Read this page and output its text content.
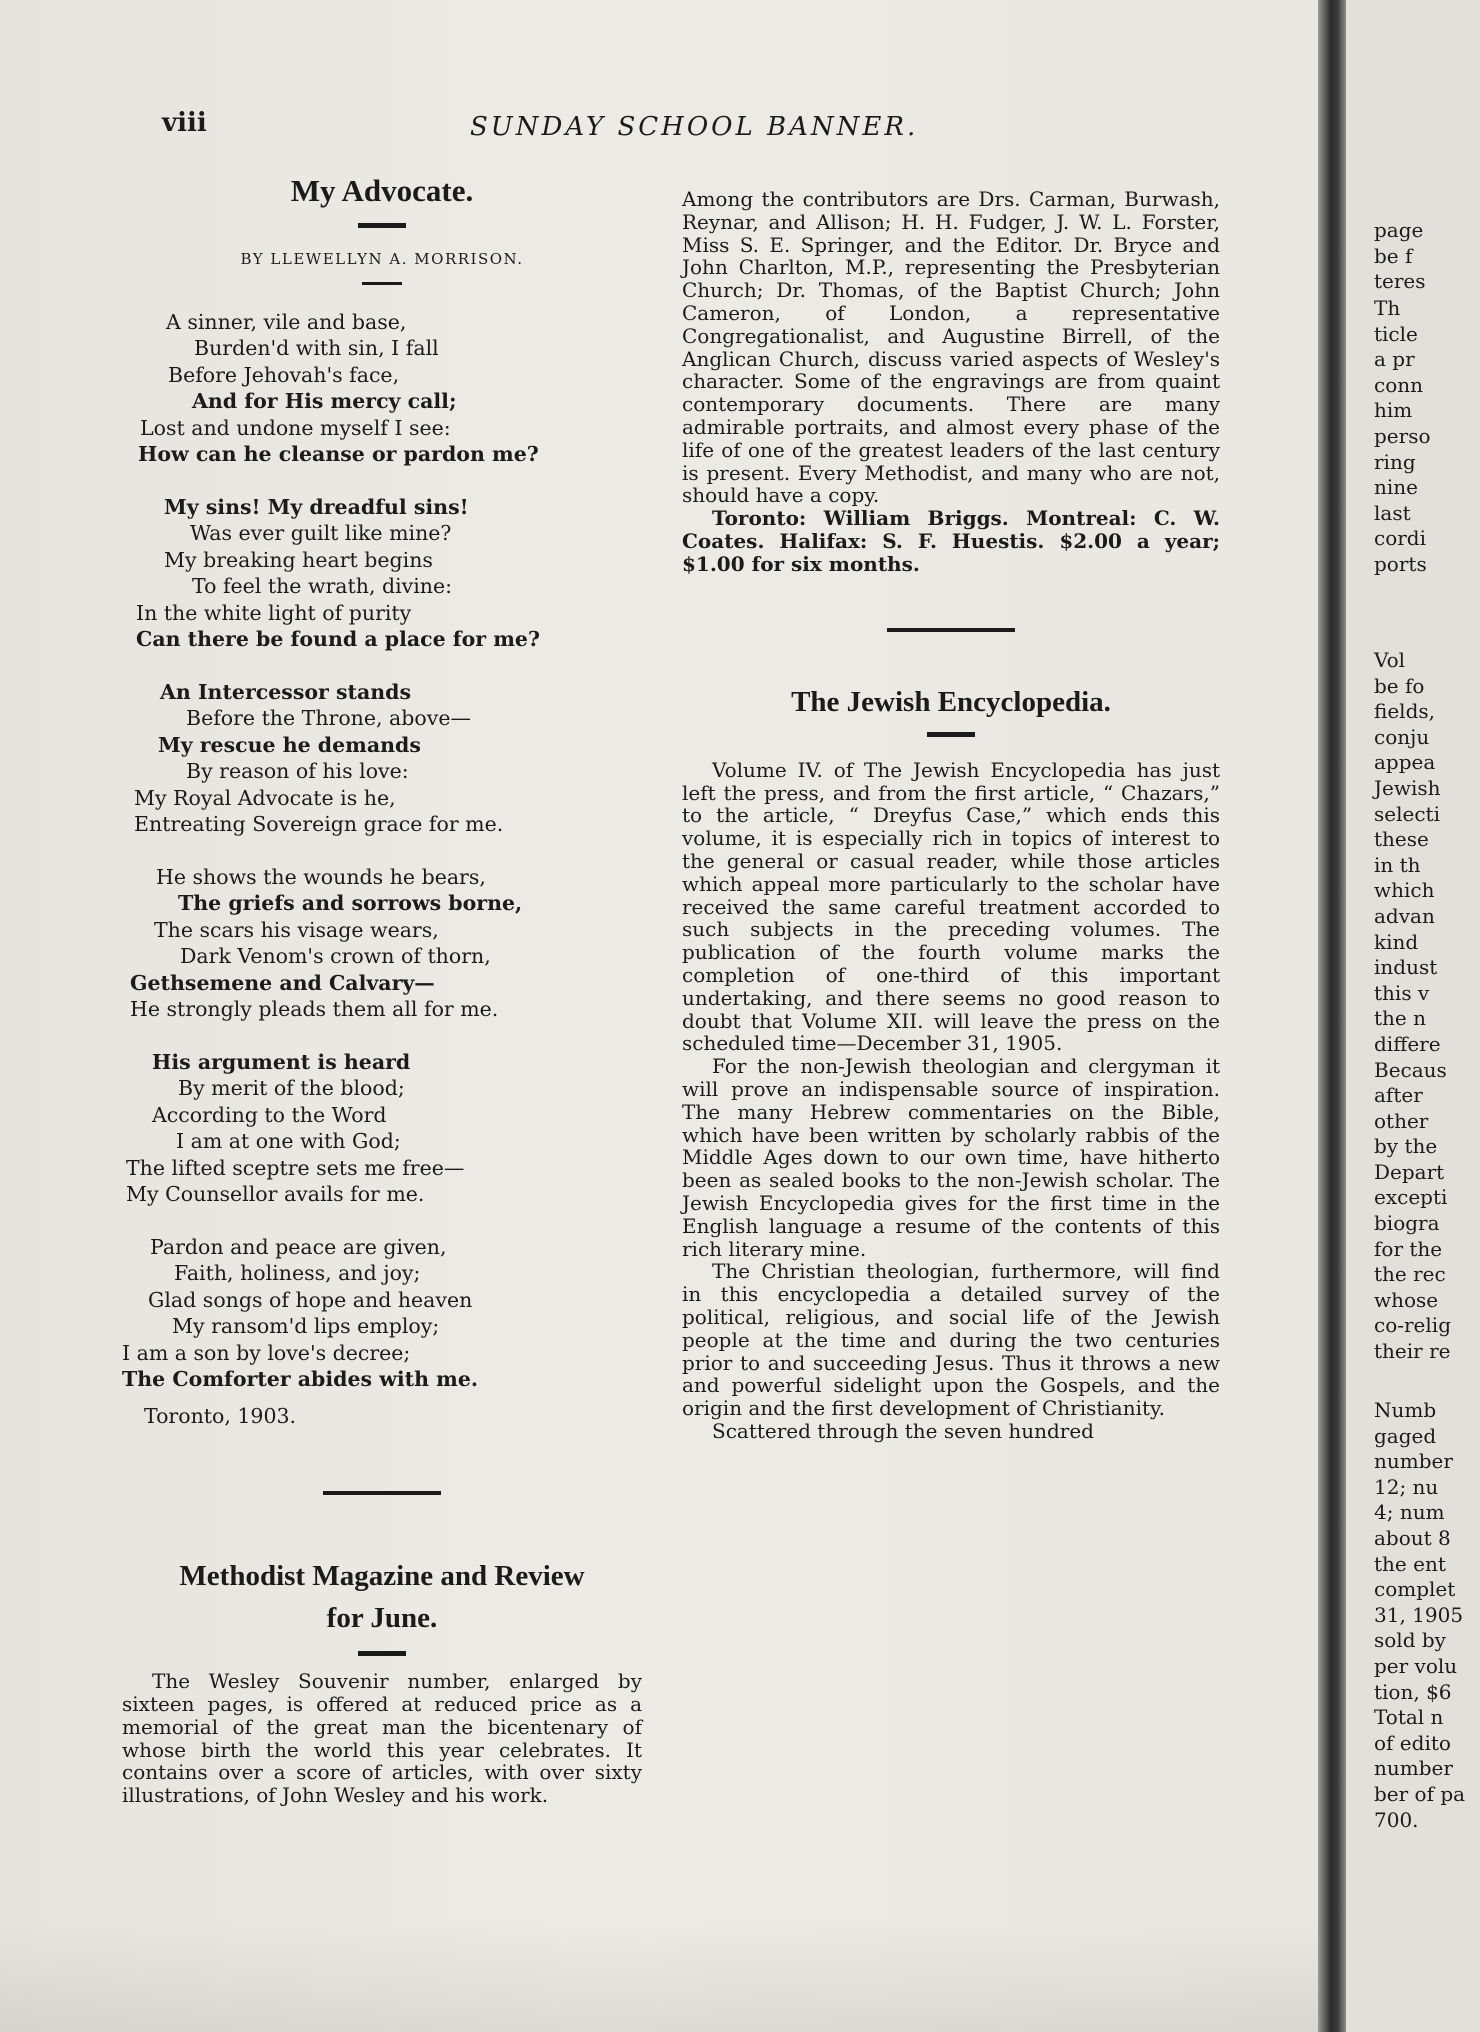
viii	SUNDAY SCHOOL BANNER.
My Advocate.
BY LLEWELLYN A. MORRISON.
A sinner, vile and base,
Burden'd with sin, I fall
Before Jehovah's face,
And for His mercy call;
Lost and undone myself I see:
How can he cleanse or pardon me?
My sins! My dreadful sins!
Was ever guilt like mine?
My breaking heart begins
To feel the wrath, divine:
In the white light of purity
Can there be found a place for me?
An Intercessor stands
Before the Throne, above—
My rescue he demands
By reason of his love:
My Royal Advocate is he,
Entreating Sovereign grace for me.
He shows the wounds he bears,
The griefs and sorrows borne,
The scars his visage wears,
Dark Venom's crown of thorn,
Gethsemene and Calvary—
He strongly pleads them all for me.
His argument is heard
By merit of the blood;
According to the Word
I am at one with God;
The lifted sceptre sets me free—
My Counsellor avails for me.
Pardon and peace are given,
Faith, holiness, and joy;
Glad songs of hope and heaven
My ransom'd lips employ;
I am a son by love's decree;
The Comforter abides with me.
Toronto, 1903.
Methodist Magazine and Review
for June.

The Wesley Souvenir number, enlarged by sixteen pages, is offered at reduced price as a memorial of the great man the bicentenary of whose birth the world this year celebrates. It contains over a score of articles, with over sixty illustrations, of John Wesley and his work.

Among the contributors are Drs. Carman, Burwash, Reynar, and Allison; H. H. Fudger, J. W. L. Forster, Miss S. E. Springer, and the Editor. Dr. Bryce and John Charlton, M.P., representing the Presbyterian Church; Dr. Thomas, of the Baptist Church; John Cameron, of London, a representative Congregationalist, and Augustine Birrell, of the Anglican Church, discuss varied aspects of Wesley's character. Some of the engravings are from quaint contemporary documents. There are many admirable portraits, and almost every phase of the life of one of the greatest leaders of the last century is present. Every Methodist, and many who are not, should have a copy.

Toronto: William Briggs. Montreal: C. W. Coates. Halifax: S. F. Huestis. $2.00 a year; $1.00 for six months.

The Jewish Encyclopedia.

Volume IV. of The Jewish Encyclopedia has just left the press, and from the first article, “ Chazars,” to the article, “ Dreyfus Case,” which ends this volume, it is especially rich in topics of interest to the general or casual reader, while those articles which appeal more particularly to the scholar have received the same careful treatment accorded to such subjects in the preceding volumes. The publication of the fourth volume marks the completion of one-third of this important undertaking, and there seems no good reason to doubt that Volume XII. will leave the press on the scheduled time—December 31, 1905.

For the non-Jewish theologian and clergyman it will prove an indispensable source of inspiration. The many Hebrew commentaries on the Bible, which have been written by scholarly rabbis of the Middle Ages down to our own time, have hitherto been as sealed books to the non-Jewish scholar. The Jewish Encyclopedia gives for the first time in the English language a resume of the contents of this rich literary mine.

The Christian theologian, furthermore, will find in this encyclopedia a detailed survey of the political, religious, and social life of the Jewish people at the time and during the two centuries prior to and succeeding Jesus. Thus it throws a new and powerful sidelight upon the Gospels, and the origin and the first development of Christianity.

Scattered through the seven hundred

page
be f
teres
Th
ticle
a pr
conn
him
perso
ring
nine
last
cordi
ports
Vol
be fo
fields,
conju
appea
Jewish
selecti
these
in th
which
advan
kind
indust
this v
the n
differe
Becaus
after
other
by the
Depart
excepti
biogra
for the
the rec
whose
co-relig
their re
Numb
gaged
number
12; nu
4; num
about 8
the ent
complet
31, 1905
sold by
per volu
tion, $6
Total n
of edito
number
ber of pa
700.
